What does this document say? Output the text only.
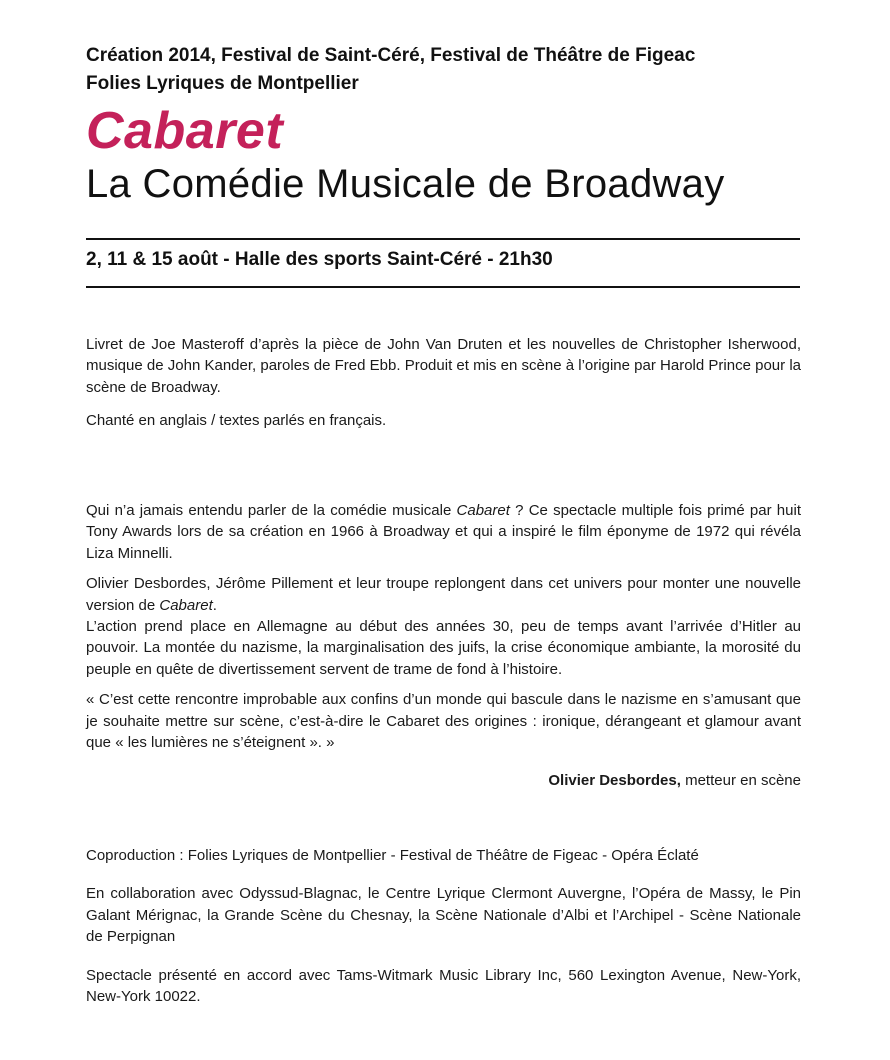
Création 2014, Festival de Saint-Céré, Festival de Théâtre de Figeac

Folies Lyriques de Montpellier

Cabaret
La Comédie Musicale de Broadway
2, 11 & 15 août - Halle des sports Saint-Céré - 21h30

Livret de Joe Masteroff d’après la pièce de John Van Druten et les nouvelles de Christopher Isherwood, musique de John Kander, paroles de Fred Ebb. Produit et mis en scène à l’origine par Harold Prince pour la scène de Broadway.

Chanté en anglais / textes parlés en français.

Qui n’a jamais entendu parler de la comédie musicale Cabaret ? Ce spectacle multiple fois primé par huit Tony Awards lors de sa création en 1966 à Broadway et qui a inspiré le film éponyme de 1972 qui révéla Liza Minnelli.

Olivier Desbordes, Jérôme Pillement et leur troupe replongent dans cet univers pour monter une nouvelle version de Cabaret.

L’action prend place en Allemagne au début des années 30, peu de temps avant l’arrivée d’Hitler au pouvoir. La montée du nazisme, la marginalisation des juifs, la crise économique ambiante, la morosité du peuple en quête de divertissement servent de trame de fond à l’histoire.

« C’est cette rencontre improbable aux confins d’un monde qui bascule dans le nazisme en s’amusant que je souhaite mettre sur scène, c’est-à-dire le Cabaret des origines : ironique, dérangeant et glamour avant que « les lumières ne s’éteignent ». »

Olivier Desbordes, metteur en scène

Coproduction : Folies Lyriques de Montpellier - Festival de Théâtre de Figeac - Opéra Éclaté

En collaboration avec Odyssud-Blagnac, le Centre Lyrique Clermont Auvergne, l’Opéra de Massy, le Pin Galant Mérignac, la Grande Scène du Chesnay, la Scène Nationale d’Albi et l’Archipel - Scène Nationale de Perpignan

Spectacle présenté en accord avec Tams-Witmark Music Library Inc, 560 Lexington Avenue, New-York, New-York 10022.
